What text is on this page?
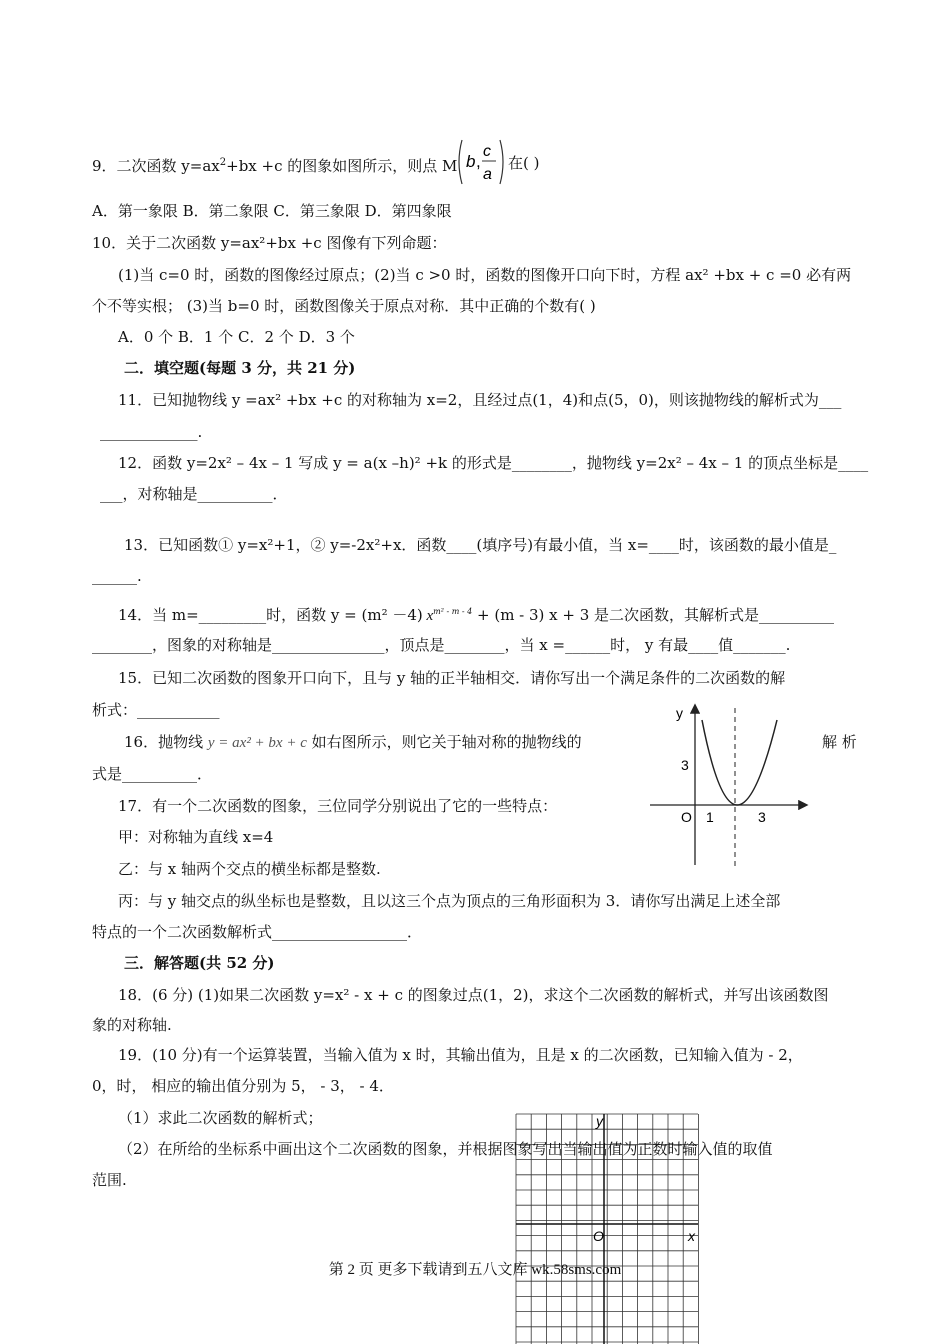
9．二次函数 $y=ax^2+bx +c$ 的图象如图所示，则点 M b ,
c
a
在( )
A．第一象限 B．第二象限 C．第三象限 D．第四象限
10．关于二次函数 y=ax²+bx +c 图像有下列命题：
(1)当 c=0 时，函数的图像经过原点；(2)当 c >0 时，函数的图像开口向下时，方程 ax² +bx + c =0 必有两
个不等实根； (3)当 b=0 时，函数图像关于原点对称．其中正确的个数有( )
A．0 个 B．1 个 C．2 个 D．3 个
二．填空题(每题 3 分，共 21 分)
11．已知抛物线 y =ax² +bx +c 的对称轴为 x=2，且经过点(1，4)和点(5，0)，则该抛物线的解析式为___
_____________.
12．函数 y=2x² – 4x – 1 写成 y = a(x –h)² +k 的形式是________，抛物线 y=2x² – 4x – 1 的顶点坐标是____
___，对称轴是__________．
13．已知函数① y=x²+1，② y=-2x²+x．函数____(填序号)有最小值，当 x=____时，该函数的最小值是_
______.
14．当 m=_________时，函数 y = (m² －4) $x^{m^2 - m - 4} + (m - 3) x + 3$ 是二次函数，其解析式是__________
________，图象的对称轴是_______________，顶点是________，当 x =______时， y 有最____值_______.
15．已知二次函数的图象开口向下，且与 y 轴的正半轴相交．请你写出一个满足条件的二次函数的解
析式：___________
16．抛物线 y = ax² + bx + c 如右图所示，则它关于轴对称的抛物线的	解 析
式是__________．
y
3
O 1	3
17．有一个二次函数的图象，三位同学分别说出了它的一些特点：
甲：对称轴为直线 x=4
乙：与 x 轴两个交点的横坐标都是整数.
丙：与 y 轴交点的纵坐标也是整数，且以这三个点为顶点的三角形面积为 3．请你写出满足上述全部
特点的一个二次函数解析式__________________．
三．解答题(共 52 分)
18．(6 分) (1)如果二次函数 y=x² - x + c 的图象过点(1，2)，求这个二次函数的解析式，并写出该函数图
象的对称轴.
19．(10 分)有一个运算装置，当输入值为 x 时，其输出值为，且是 x 的二次函数，已知输入值为 - 2，
0，时， 相应的输出值分别为 5， - 3， - 4．
（1）求此二次函数的解析式；	y
x
O
（2）在所给的坐标系中画出这个二次函数的图象，并根据图象写出当输出值为正数时输入值的取值
范围.
第 2 页 更多下载请到五八文库 wk.58sms.com
